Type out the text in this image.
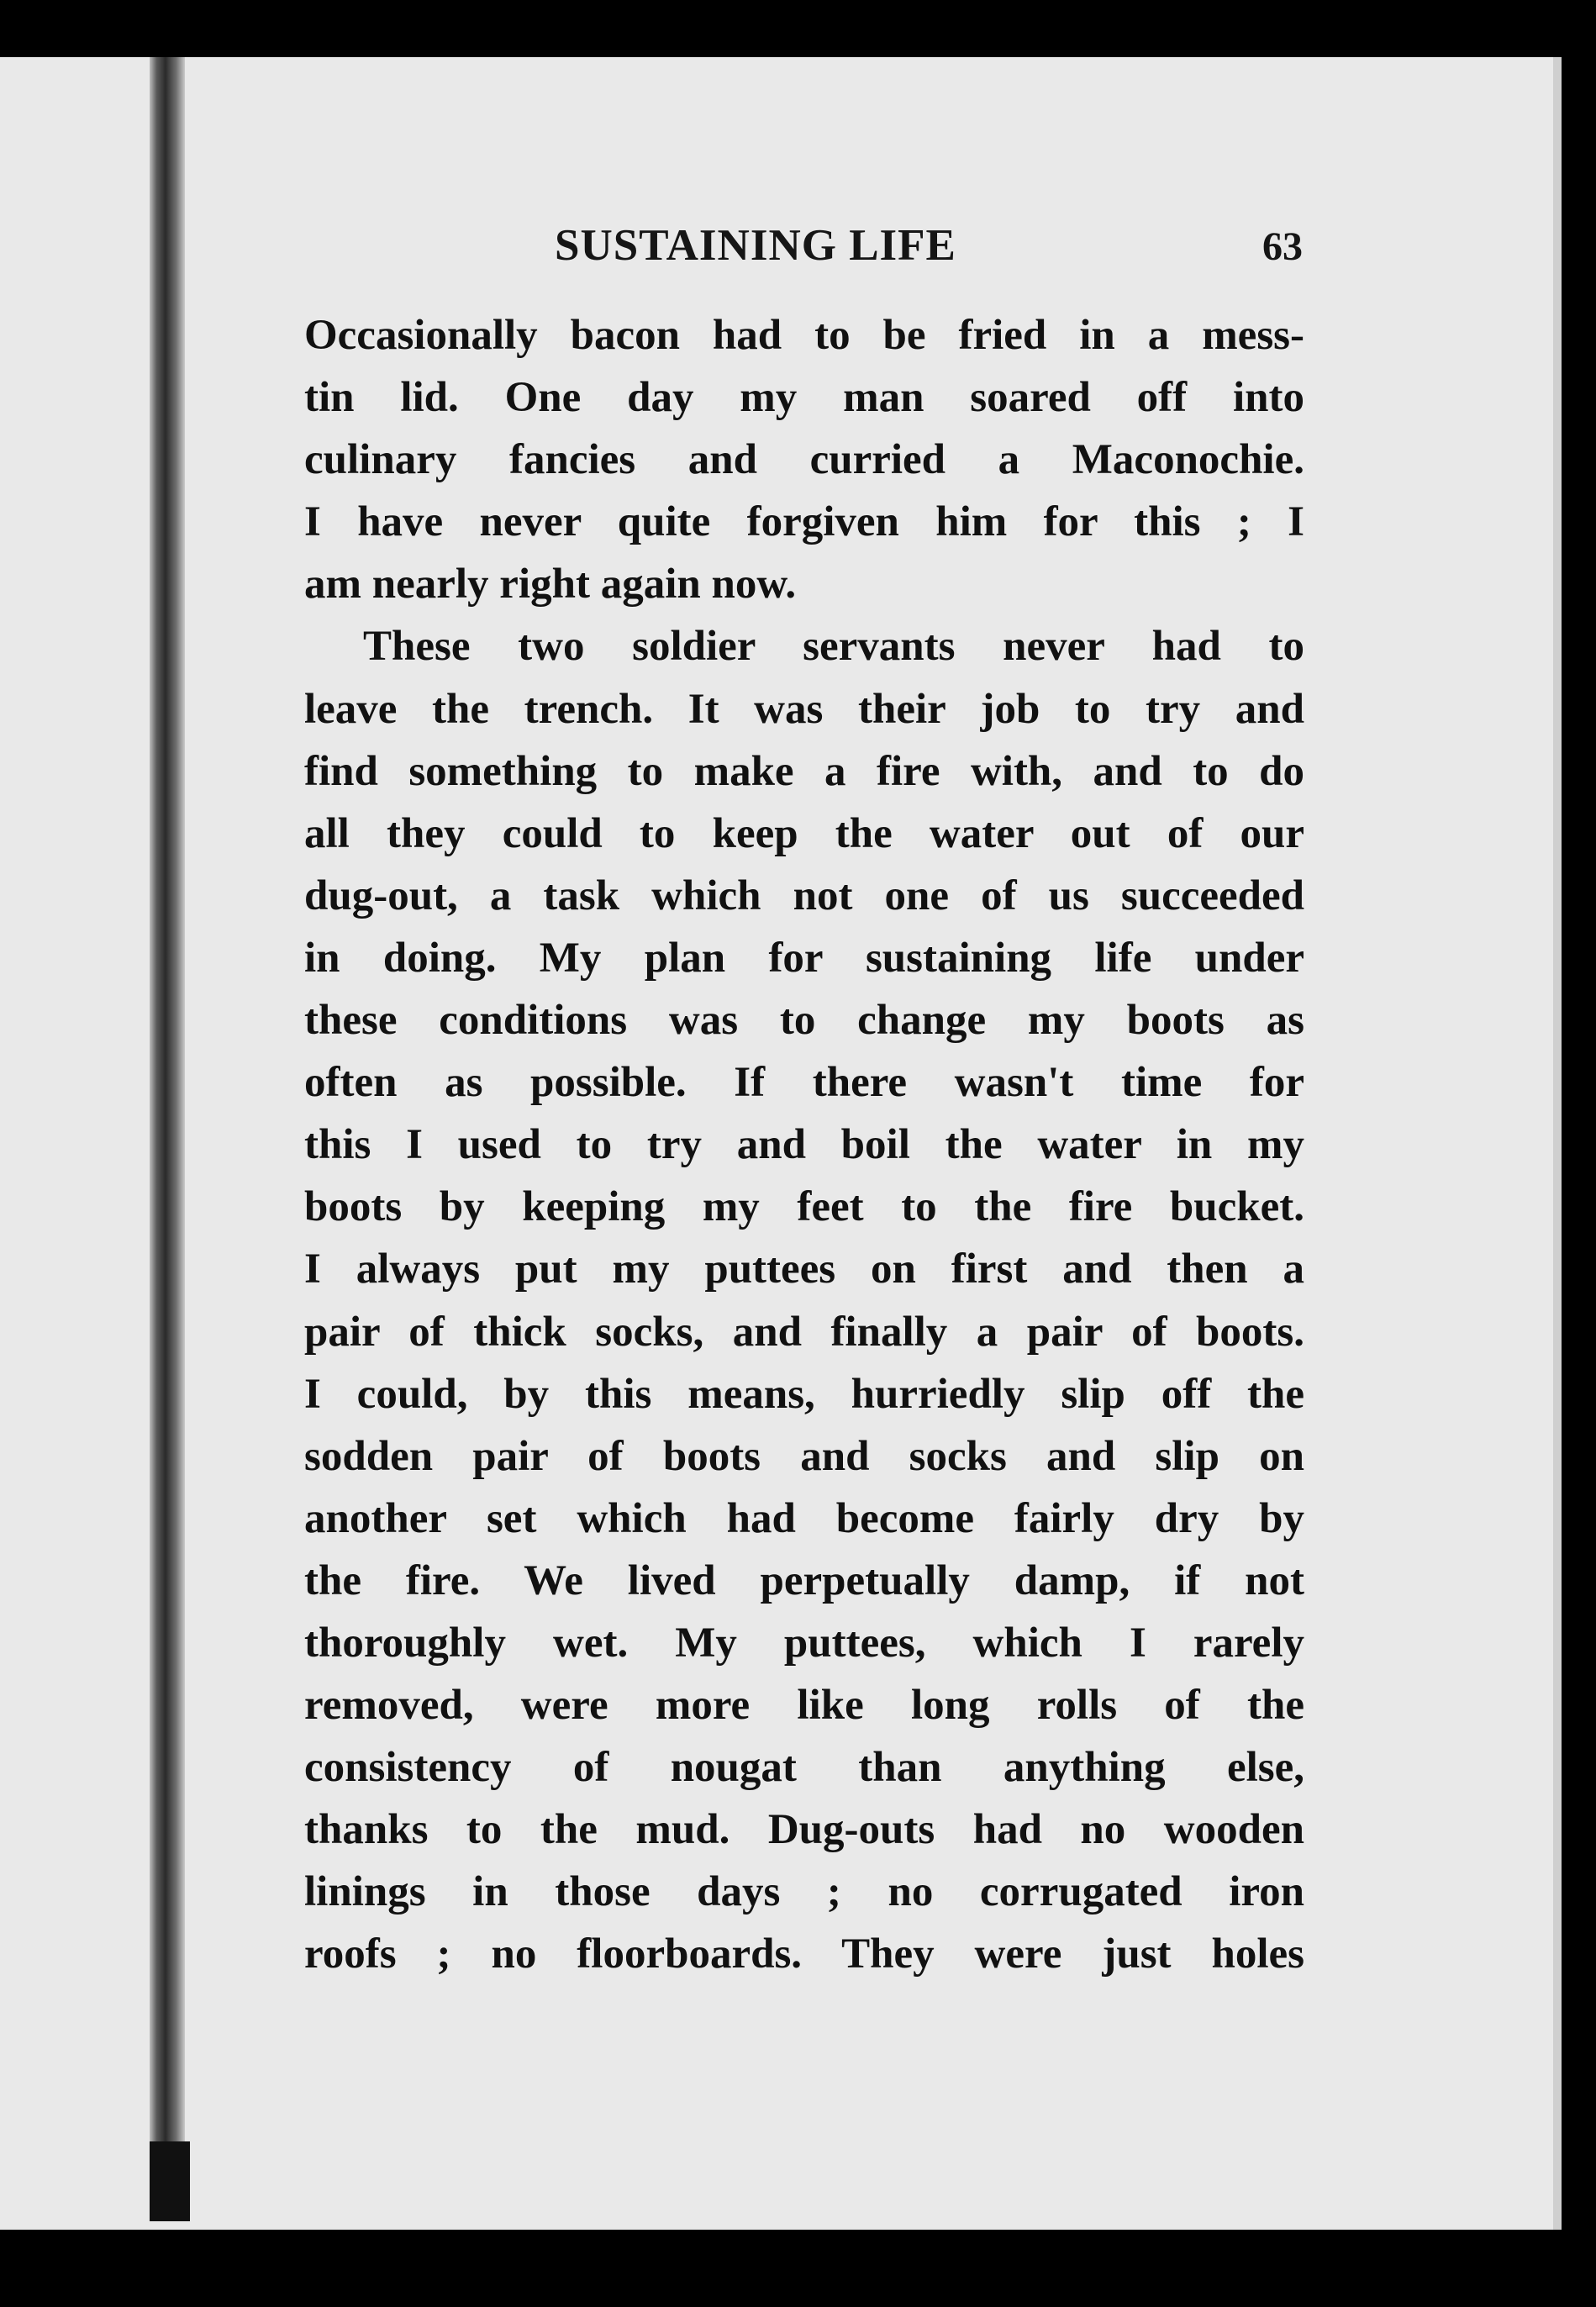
SUSTAINING LIFE	63
Occasionally bacon had to be fried in a mess-
tin lid. One day my man soared off into
culinary fancies and curried a Maconochie.
I have never quite forgiven him for this ; I
am nearly right again now.
These two soldier servants never had to
leave the trench. It was their job to try and
find something to make a fire with, and to do
all they could to keep the water out of our
dug-out, a task which not one of us succeeded
in doing. My plan for sustaining life under
these conditions was to change my boots as
often as possible. If there wasn't time for
this I used to try and boil the water in my
boots by keeping my feet to the fire bucket.
I always put my puttees on first and then a
pair of thick socks, and finally a pair of boots.
I could, by this means, hurriedly slip off the
sodden pair of boots and socks and slip on
another set which had become fairly dry by
the fire. We lived perpetually damp, if not
thoroughly wet. My puttees, which I rarely
removed, were more like long rolls of the
consistency of nougat than anything else,
thanks to the mud. Dug-outs had no wooden
linings in those days ; no corrugated iron
roofs ; no floorboards. They were just holes
